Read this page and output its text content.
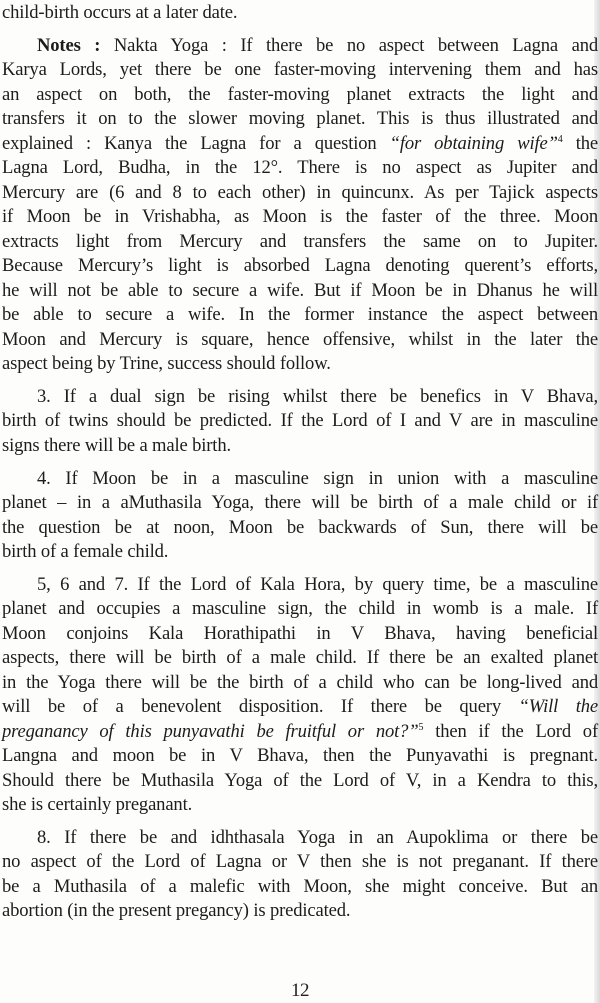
child-birth occurs at a later date.
Notes : Nakta Yoga : If there be no aspect between Lagna and
Karya Lords, yet there be one faster-moving intervening them and has
an aspect on both, the faster-moving planet extracts the light and
transfers it on to the slower moving planet. This is thus illustrated and
explained : Kanya the Lagna for a question “for obtaining wife”$^4$ the
Lagna Lord, Budha, in the 12°. There is no aspect as Jupiter and
Mercury are (6 and 8 to each other) in quincunx. As per Tajick aspects
if Moon be in Vrishabha, as Moon is the faster of the three. Moon
extracts light from Mercury and transfers the same on to Jupiter.
Because Mercury’s light is absorbed Lagna denoting querent’s efforts,
he will not be able to secure a wife. But if Moon be in Dhanus he will
be able to secure a wife. In the former instance the aspect between
Moon and Mercury is square, hence offensive, whilst in the later the
aspect being by Trine, success should follow.
3. If a dual sign be rising whilst there be benefics in V Bhava,
birth of twins should be predicted. If the Lord of I and V are in masculine
signs there will be a male birth.
4. If Moon be in a masculine sign in union with a masculine
planet – in a aMuthasila Yoga, there will be birth of a male child or if
the question be at noon, Moon be backwards of Sun, there will be
birth of a female child.
5, 6 and 7. If the Lord of Kala Hora, by query time, be a masculine
planet and occupies a masculine sign, the child in womb is a male. If
Moon conjoins Kala Horathipathi in V Bhava, having beneficial
aspects, there will be birth of a male child. If there be an exalted planet
in the Yoga there will be the birth of a child who can be long-lived and
will be of a benevolent disposition. If there be query “Will the
preganancy of this punyavathi be fruitful or not?”$^5$ then if the Lord of
Langna and moon be in V Bhava, then the Punyavathi is pregnant.
Should there be Muthasila Yoga of the Lord of V, in a Kendra to this,
she is certainly preganant.
8. If there be and idhthasala Yoga in an Aupoklima or there be
no aspect of the Lord of Lagna or V then she is not preganant. If there
be a Muthasila of a malefic with Moon, she might conceive. But an
abortion (in the present pregancy) is predicated.
12
